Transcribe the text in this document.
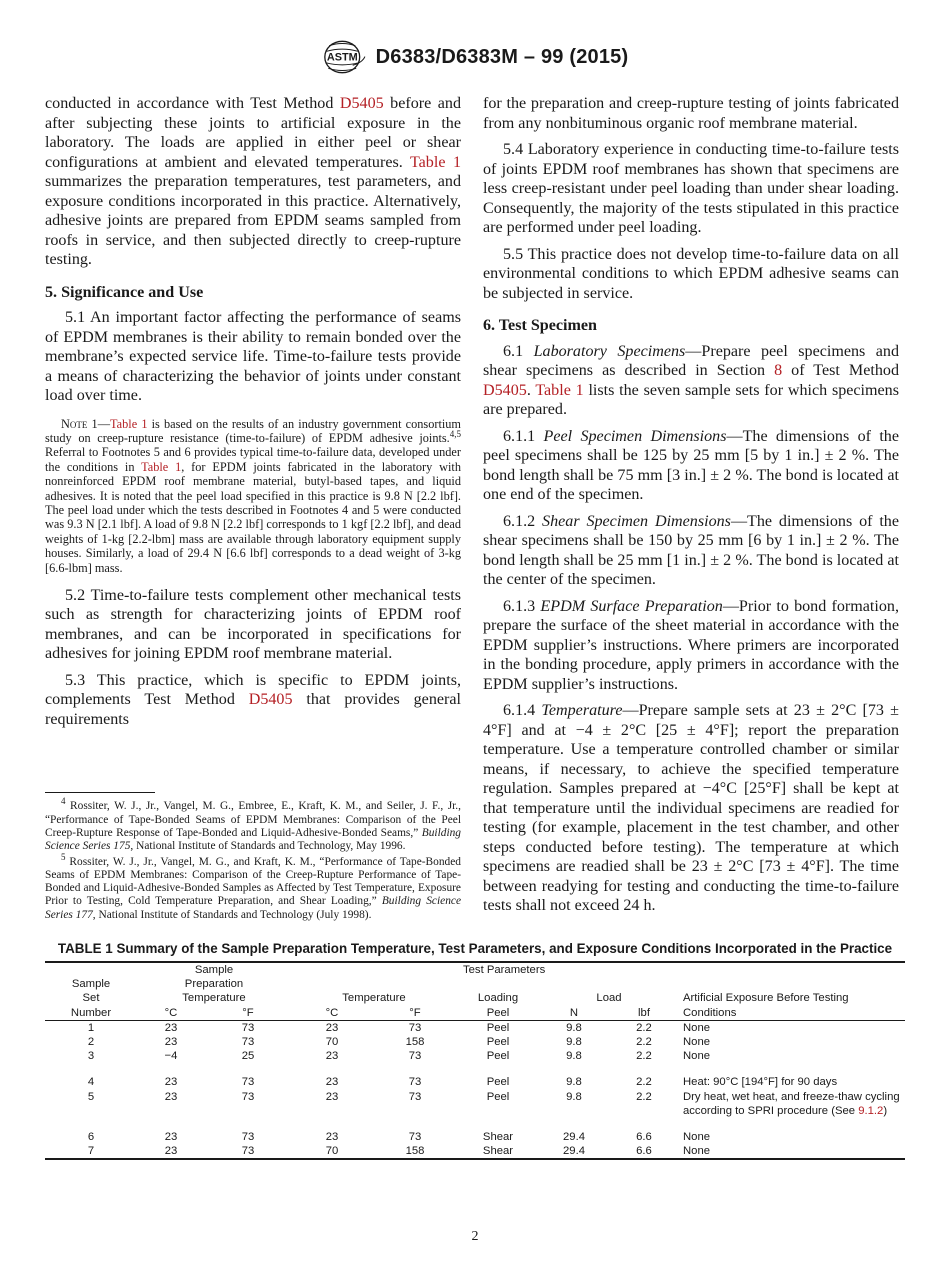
ASTM D6383/D6383M – 99 (2015)

conducted in accordance with Test Method D5405 before and after subjecting these joints to artificial exposure in the laboratory. The loads are applied in either peel or shear configurations at ambient and elevated temperatures. Table 1 summarizes the preparation temperatures, test parameters, and exposure conditions incorporated in this practice. Alternatively, adhesive joints are prepared from EPDM seams sampled from roofs in service, and then subjected directly to creep-rupture testing.

5. Significance and Use

5.1 An important factor affecting the performance of seams of EPDM membranes is their ability to remain bonded over the membrane’s expected service life. Time-to-failure tests provide a means of characterizing the behavior of joints under constant load over time.

Note 1—Table 1 is based on the results of an industry government consortium study on creep-rupture resistance (time-to-failure) of EPDM adhesive joints.$^{4,5}$ Referral to Footnotes 5 and 6 provides typical time-to-failure data, developed under the conditions in Table 1, for EPDM joints fabricated in the laboratory with nonreinforced EPDM roof membrane material, butyl-based tapes, and liquid adhesives. It is noted that the peel load specified in this practice is 9.8 N [2.2 lbf]. The peel load under which the tests described in Footnotes 4 and 5 were conducted was 9.3 N [2.1 lbf]. A load of 9.8 N [2.2 lbf] corresponds to 1 kgf [2.2 lbf], and dead weights of 1-kg [2.2-lbm] mass are available through laboratory equipment supply houses. Similarly, a load of 29.4 N [6.6 lbf] corresponds to a dead weight of 3-kg [6.6-lbm] mass.

5.2 Time-to-failure tests complement other mechanical tests such as strength for characterizing joints of EPDM roof membranes, and can be incorporated in specifications for adhesives for joining EPDM roof membrane material.

5.3 This practice, which is specific to EPDM joints, complements Test Method D5405 that provides general requirements

$^4$ Rossiter, W. J., Jr., Vangel, M. G., Embree, E., Kraft, K. M., and Seiler, J. F., Jr., “Performance of Tape-Bonded Seams of EPDM Membranes: Comparison of the Peel Creep-Rupture Response of Tape-Bonded and Liquid-Adhesive-Bonded Seams,” Building Science Series 175, National Institute of Standards and Technology, May 1996.

$^5$ Rossiter, W. J., Jr., Vangel, M. G., and Kraft, K. M., “Performance of Tape-Bonded Seams of EPDM Membranes: Comparison of the Creep-Rupture Performance of Tape-Bonded and Liquid-Adhesive-Bonded Samples as Affected by Test Temperature, Exposure Prior to Testing, Cold Temperature Preparation, and Shear Loading,” Building Science Series 177, National Institute of Standards and Technology (July 1998).

for the preparation and creep-rupture testing of joints fabricated from any nonbituminous organic roof membrane material.

5.4 Laboratory experience in conducting time-to-failure tests of joints EPDM roof membranes has shown that specimens are less creep-resistant under peel loading than under shear loading. Consequently, the majority of the tests stipulated in this practice are performed under peel loading.

5.5 This practice does not develop time-to-failure data on all environmental conditions to which EPDM adhesive seams can be subjected in service.

6. Test Specimen

6.1 Laboratory Specimens—Prepare peel specimens and shear specimens as described in Section 8 of Test Method D5405. Table 1 lists the seven sample sets for which specimens are prepared.

6.1.1 Peel Specimen Dimensions—The dimensions of the peel specimens shall be 125 by 25 mm [5 by 1 in.] ± 2 %. The bond length shall be 75 mm [3 in.] ± 2 %. The bond is located at one end of the specimen.

6.1.2 Shear Specimen Dimensions—The dimensions of the shear specimens shall be 150 by 25 mm [6 by 1 in.] ± 2 %. The bond length shall be 25 mm [1 in.] ± 2 %. The bond is located at the center of the specimen.

6.1.3 EPDM Surface Preparation—Prior to bond formation, prepare the surface of the sheet material in accordance with the EPDM supplier’s instructions. Where primers are incorporated in the bonding procedure, apply primers in accordance with the EPDM supplier’s instructions.

6.1.4 Temperature—Prepare sample sets at 23 ± 2°C [73 ± 4°F] and at −4 ± 2°C [25 ± 4°F]; report the preparation temperature. Use a temperature controlled chamber or similar means, if necessary, to achieve the specified temperature regulation. Samples prepared at −4°C [25°F] shall be kept at that temperature until the individual specimens are readied for testing (for example, placement in the test chamber, and other steps conducted before testing). The temperature at which specimens are readied shall be 23 ± 2°C [73 ± 4°F]. The time between readying for testing and conducting the time-to-failure tests shall not exceed 24 h.

TABLE 1 Summary of the Sample Preparation Temperature, Test Parameters, and Exposure Conditions Incorporated in the Practice

	Sample				Test Parameters			
Sample	Preparation							
Set	Temperature		Temperature		Loading	Load		Artificial Exposure Before Testing
Number	°C	°F	°C	°F	Peel	N	lbf	Conditions

1	23	73	23	73	Peel	9.8	2.2	None
2	23	73	70	158	Peel	9.8	2.2	None
3	−4	25	23	73	Peel	9.8	2.2	None

4	23	73	23	73	Peel	9.8	2.2	Heat: 90°C [194°F] for 90 days
5	23	73	23	73	Peel	9.8	2.2	Dry heat, wet heat, and freeze-thaw cycling according to SPRI procedure (See 9.1.2)

6	23	73	23	73	Shear	29.4	6.6	None
7	23	73	70	158	Shear	29.4	6.6	None

2
